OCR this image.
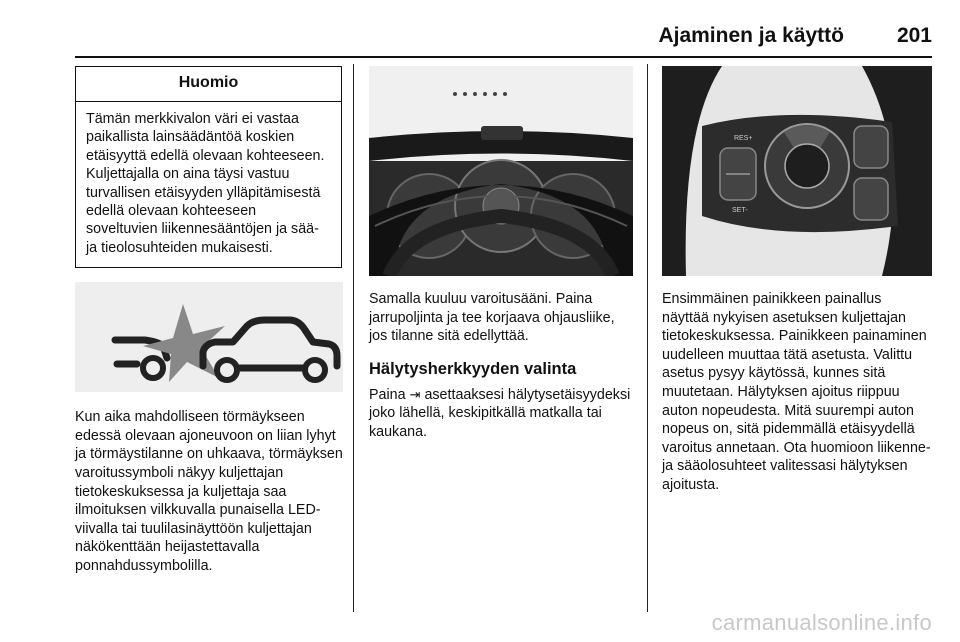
Ajaminen ja käyttö	201
Huomio
Tämän merkkivalon väri ei vastaa paikallista lainsäädäntöä koskien etäisyyttä edellä olevaan kohteeseen. Kuljettajalla on aina täysi vastuu turvallisen etäisyyden ylläpitämisestä edellä olevaan kohteeseen soveltuvien liikennesääntöjen ja sää- ja tieolosuhteiden mukaisesti.

Kun aika mahdolliseen törmäykseen edessä olevaan ajoneuvoon on liian lyhyt ja törmäystilanne on uhkaava, törmäyksen varoitussymboli näkyy kuljettajan tietokeskuksessa ja kuljettaja saa ilmoituksen vilkkuvalla punaisella LED-viivalla tai tuulilasinäyttöön kuljettajan näkökenttään heijastettavalla ponnahdussymbolilla.

Samalla kuuluu varoitusääni. Paina jarrupoljinta ja tee korjaava ohjausliike, jos tilanne sitä edellyttää.

Hälytysherkkyyden valinta

Paina ⇥ asettaaksesi hälytysetäisyydeksi joko lähellä, keskipitkällä matkalla tai kaukana.

RES+
SET-

Ensimmäinen painikkeen painallus näyttää nykyisen asetuksen kuljettajan tietokeskuksessa. Painikkeen painaminen uudelleen muuttaa tätä asetusta. Valittu asetus pysyy käytössä, kunnes sitä muutetaan. Hälytyksen ajoitus riippuu auton nopeudesta. Mitä suurempi auton nopeus on, sitä pidemmällä etäisyydellä varoitus annetaan. Ota huomioon liikenne- ja sääolosuhteet valitessasi hälytyksen ajoitusta.

carmanualsonline.info
